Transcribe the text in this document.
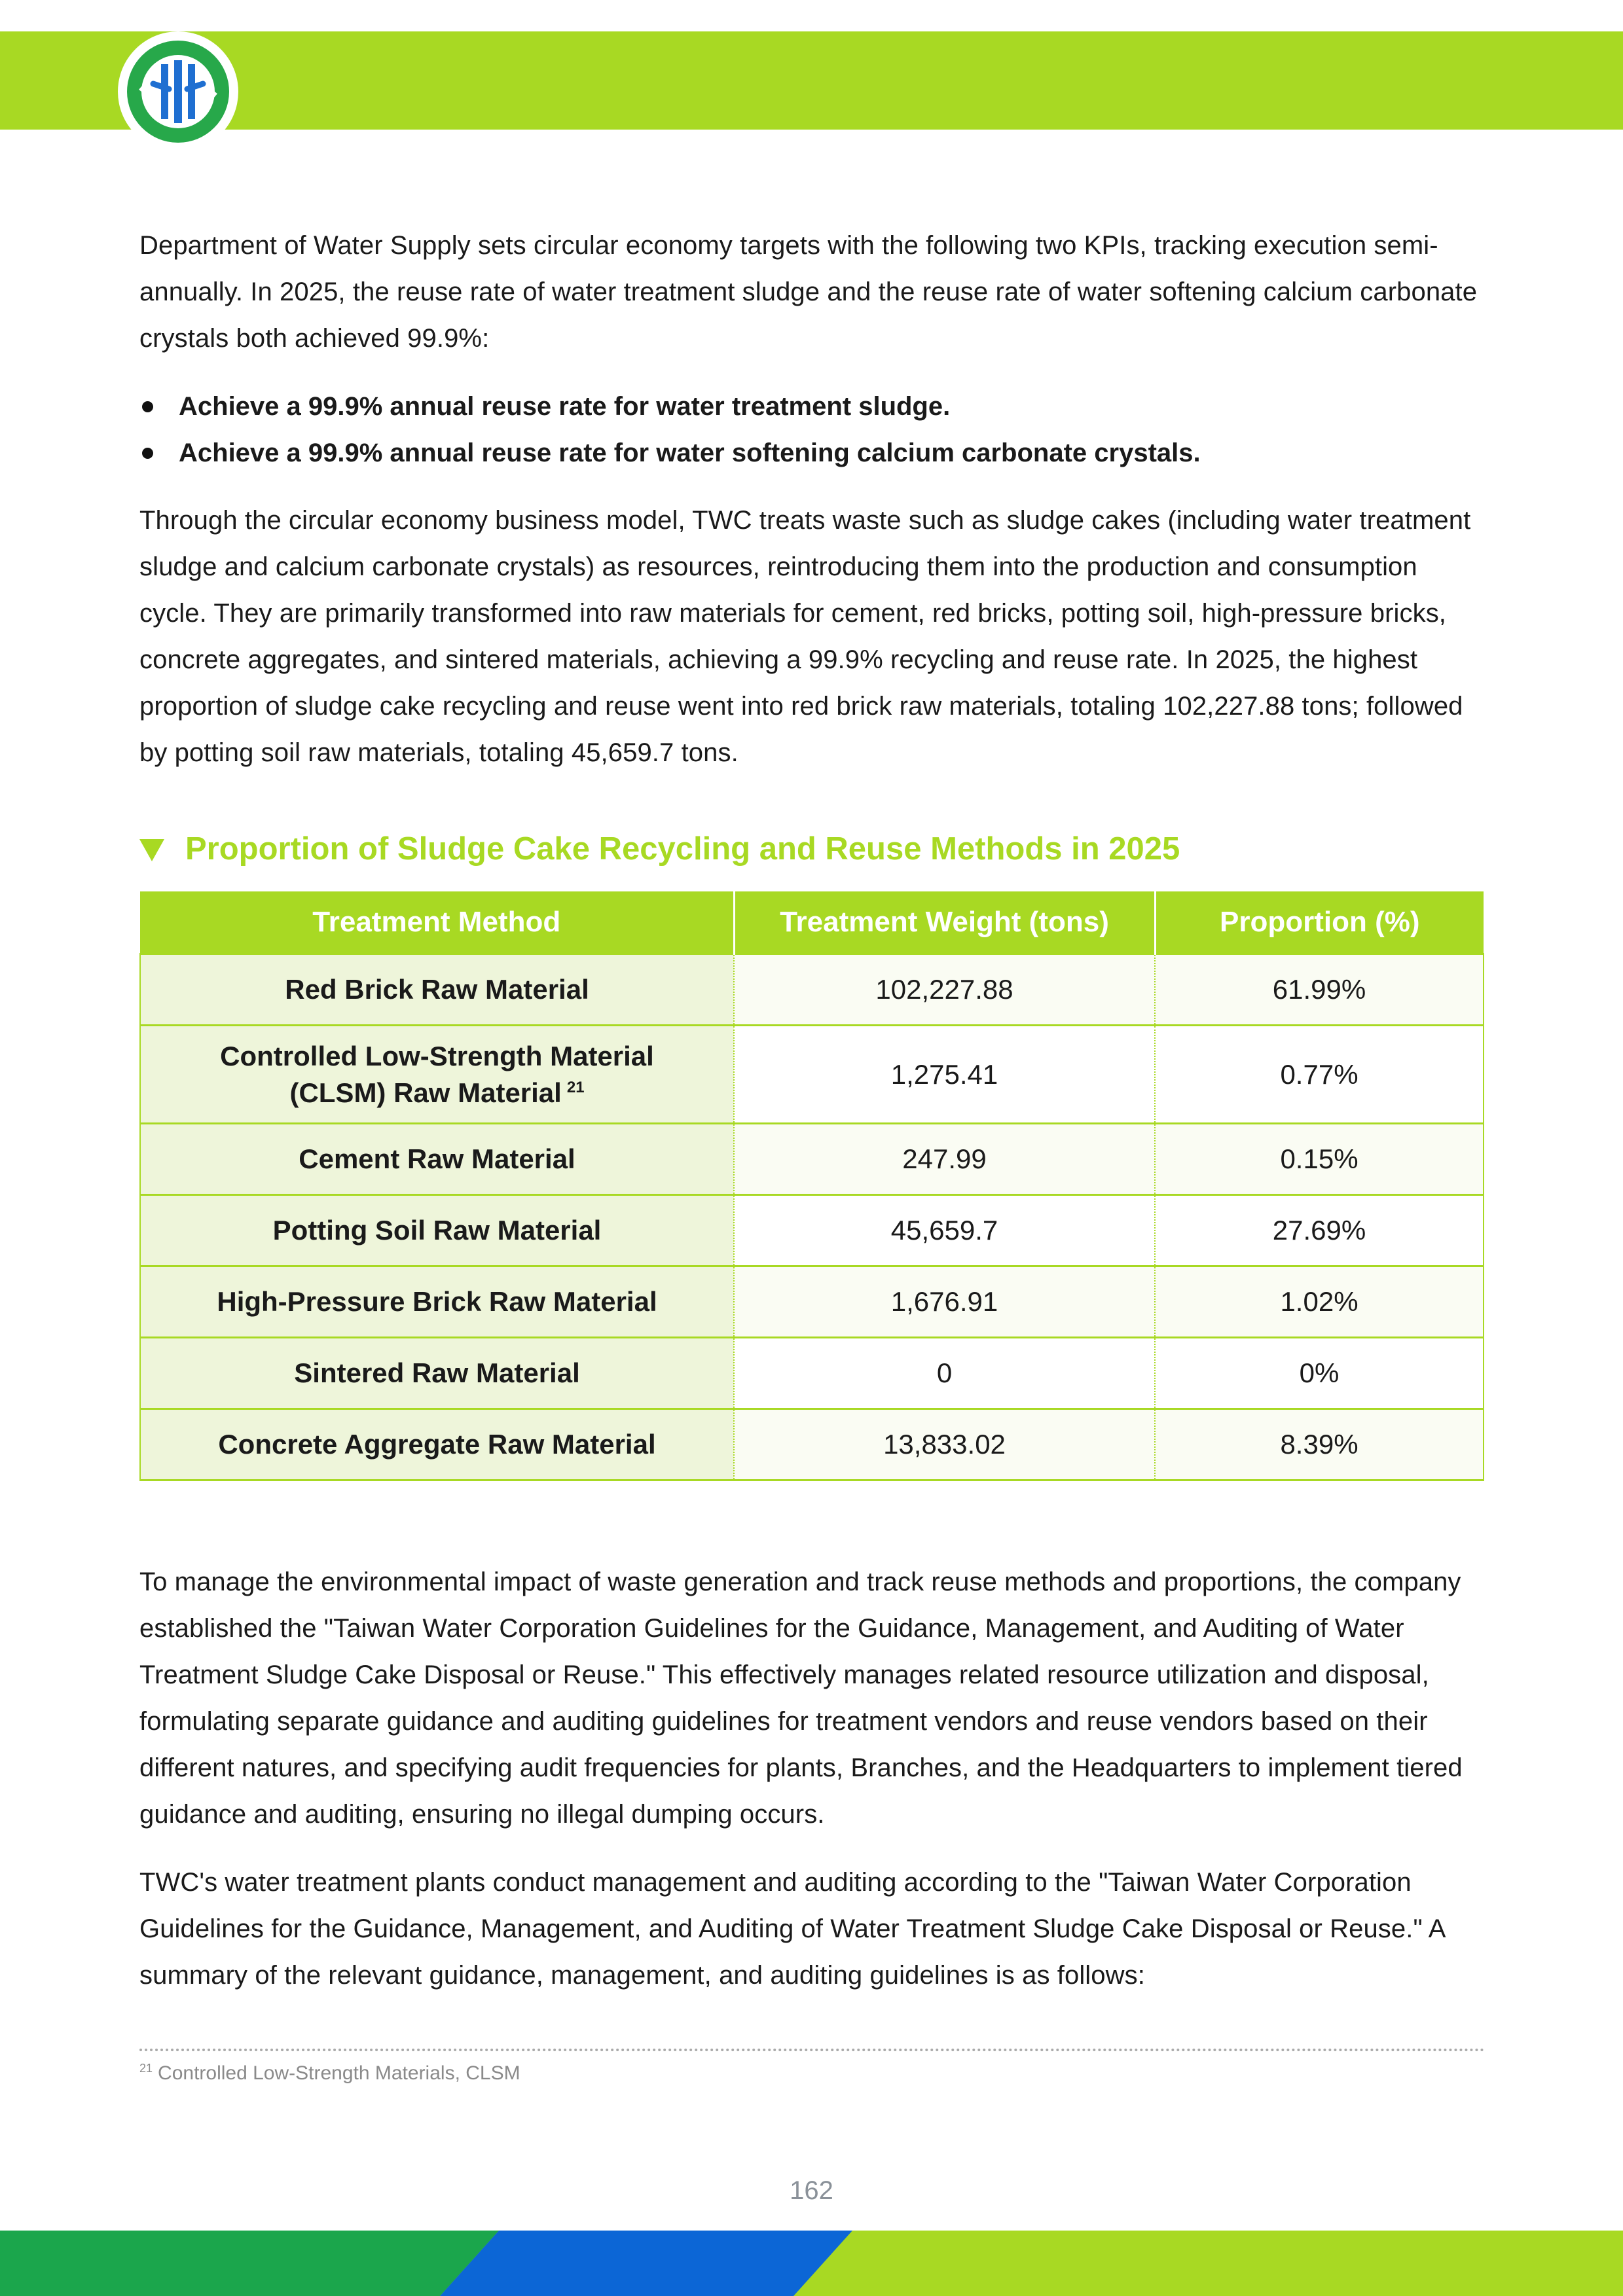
Department of Water Supply sets circular economy targets with the following two KPIs, tracking execution semi-annually. In 2025, the reuse rate of water treatment sludge and the reuse rate of water softening calcium carbonate crystals both achieved 99.9%:

Achieve a 99.9% annual reuse rate for water treatment sludge.
Achieve a 99.9% annual reuse rate for water softening calcium carbonate crystals.

Through the circular economy business model, TWC treats waste such as sludge cakes (including water treatment sludge and calcium carbonate crystals) as resources, reintroducing them into the production and consumption cycle. They are primarily transformed into raw materials for cement, red bricks, potting soil, high-pressure bricks, concrete aggregates, and sintered materials, achieving a 99.9% recycling and reuse rate. In 2025, the highest proportion of sludge cake recycling and reuse went into red brick raw materials, totaling 102,227.88 tons; followed by potting soil raw materials, totaling 45,659.7 tons.

Proportion of Sludge Cake Recycling and Reuse Methods in 2025
Treatment Method	Treatment Weight (tons)	Proportion (%)
Red Brick Raw Material	102,227.88	61.99%
Controlled Low-Strength Material
(CLSM) Raw Material $^{21}$	1,275.41	0.77%
Cement Raw Material	247.99	0.15%
Potting Soil Raw Material	45,659.7	27.69%
High-Pressure Brick Raw Material	1,676.91	1.02%
Sintered Raw Material	0	0%
Concrete Aggregate Raw Material	13,833.02	8.39%

To manage the environmental impact of waste generation and track reuse methods and proportions, the company established the "Taiwan Water Corporation Guidelines for the Guidance, Management, and Auditing of Water Treatment Sludge Cake Disposal or Reuse." This effectively manages related resource utilization and disposal, formulating separate guidance and auditing guidelines for treatment vendors and reuse vendors based on their different natures, and specifying audit frequencies for plants, Branches, and the Headquarters to implement tiered guidance and auditing, ensuring no illegal dumping occurs.

TWC's water treatment plants conduct management and auditing according to the "Taiwan Water Corporation Guidelines for the Guidance, Management, and Auditing of Water Treatment Sludge Cake Disposal or Reuse." A summary of the relevant guidance, management, and auditing guidelines is as follows:

$^{21}$ Controlled Low-Strength Materials, CLSM
162
